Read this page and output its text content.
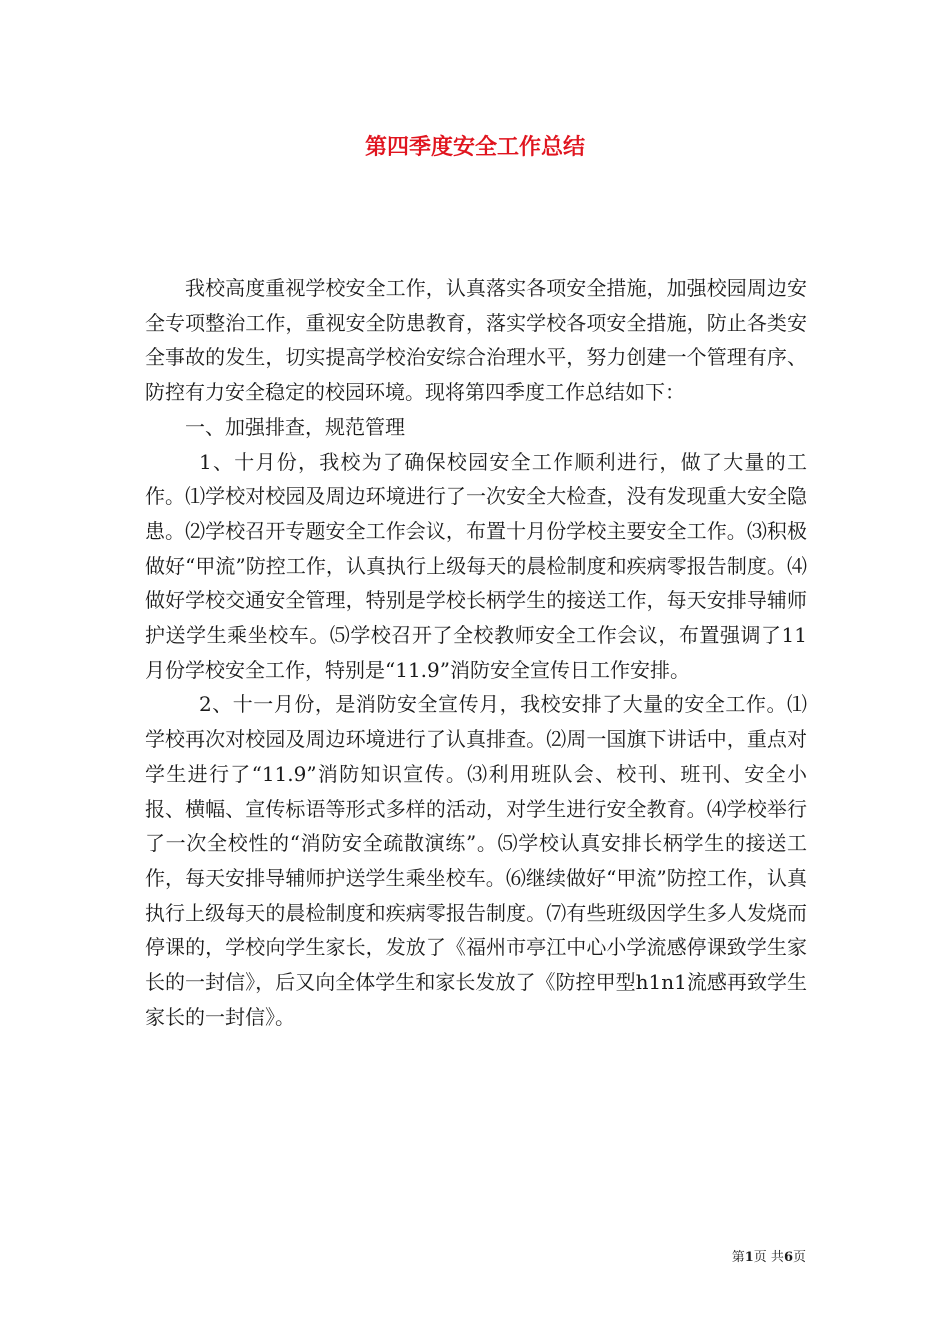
第四季度安全工作总结

我校高度重视学校安全工作，认真落实各项安全措施，加强校园周边安全专项整治工作，重视安全防患教育，落实学校各项安全措施，防止各类安全事故的发生，切实提高学校治安综合治理水平，努力创建一个管理有序、防控有力安全稳定的校园环境。现将第四季度工作总结如下：

一、加强排查，规范管理

1、十月份，我校为了确保校园安全工作顺利进行，做了大量的工作。⑴学校对校园及周边环境进行了一次安全大检查，没有发现重大安全隐患。⑵学校召开专题安全工作会议，布置十月份学校主要安全工作。⑶积极做好“甲流”防控工作，认真执行上级每天的晨检制度和疾病零报告制度。⑷做好学校交通安全管理，特别是学校长柄学生的接送工作，每天安排导辅师护送学生乘坐校车。⑸学校召开了全校教师安全工作会议，布置强调了11月份学校安全工作，特别是“11.9”消防安全宣传日工作安排。

2、十一月份，是消防安全宣传月，我校安排了大量的安全工作。⑴学校再次对校园及周边环境进行了认真排查。⑵周一国旗下讲话中，重点对学生进行了“11.9”消防知识宣传。⑶利用班队会、校刊、班刊、安全小报、横幅、宣传标语等形式多样的活动，对学生进行安全教育。⑷学校举行了一次全校性的“消防安全疏散演练”。⑸学校认真安排长柄学生的接送工作，每天安排导辅师护送学生乘坐校车。⑹继续做好“甲流”防控工作，认真执行上级每天的晨检制度和疾病零报告制度。⑺有些班级因学生多人发烧而停课的，学校向学生家长，发放了《福州市亭江中心小学流感停课致学生家长的一封信》，后又向全体学生和家长发放了《防控甲型h1n1流感再致学生家长的一封信》。

第1页 共6页
